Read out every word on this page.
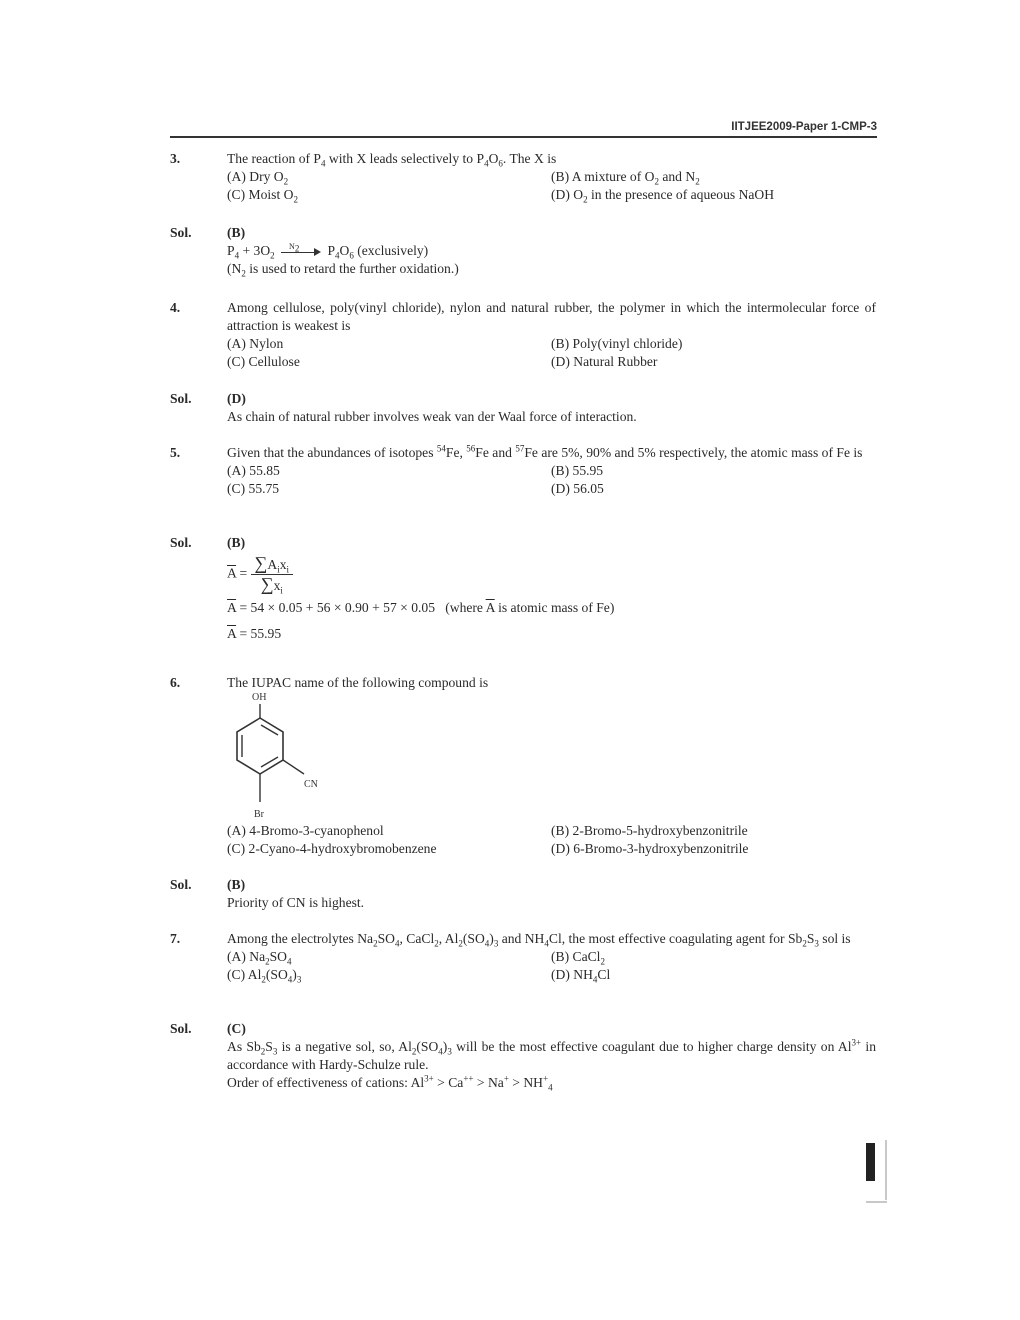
IITJEE2009-Paper 1-CMP-3
3.	The reaction of $P_4$ with X leads selectively to $P_4O_6$. The X is
(A) Dry $O_2$	(B) A mixture of $O_2$ and $N_2$
(C) Moist $O_2$	(D) $O_2$ in the presence of aqueous NaOH
Sol.	(B)
$P_4 + 3O_2$
$N_2$ $P_4O_6$ (exclusively)
($N_2$ is used to retard the further oxidation.)
4.	Among cellulose, poly(vinyl chloride), nylon and natural rubber, the polymer in which the intermolecular force of attraction is weakest is
(A) Nylon	(B) Poly(vinyl chloride)
(C) Cellulose	(D) Natural Rubber
Sol.	(D)
As chain of natural rubber involves weak van der Waal force of interaction.
5.	Given that the abundances of isotopes $^{54}$Fe, $^{56}$Fe and $^{57}$Fe are 5%, 90% and 5% respectively, the atomic mass of Fe is
(A) 55.85	(B) 55.95
(C) 55.75	(D) 56.05
Sol.	(B)
$\overline{A} = \frac{\sum A_ix_i}{\sum x_i}$
$\overline{A} = 54 \times 0.05 + 56 \times 0.90 + 57 \times 0.05$ (where $\overline{A}$ is atomic mass of Fe)
$\overline{A} = 55.95$
6.	The IUPAC name of the following compound is
OH
CN
Br
(A) 4-Bromo-3-cyanophenol	(B) 2-Bromo-5-hydroxybenzonitrile
(C) 2-Cyano-4-hydroxybromobenzene	(D) 6-Bromo-3-hydroxybenzonitrile
Sol.	(B)
Priority of CN is highest.
7.	Among the electrolytes $Na_2SO_4$, CaCl$_2$, $Al_2(SO_4)_3$ and $NH_4Cl$, the most effective coagulating agent for $Sb_2S_3$ sol is
(A) $Na_2SO_4$	(B) CaCl$_2$
(C) $Al_2(SO_4)_3$	(D) $NH_4Cl$
Sol.	(C)
As $Sb_2S_3$ is a negative sol, so, $Al_2(SO_4)_3$ will be the most effective coagulant due to higher charge density on $Al^{3+}$ in accordance with Hardy-Schulze rule.
Order of effectiveness of cations: $Al^{3+} > Ca^{++} > Na^+ > NH^+_4$
